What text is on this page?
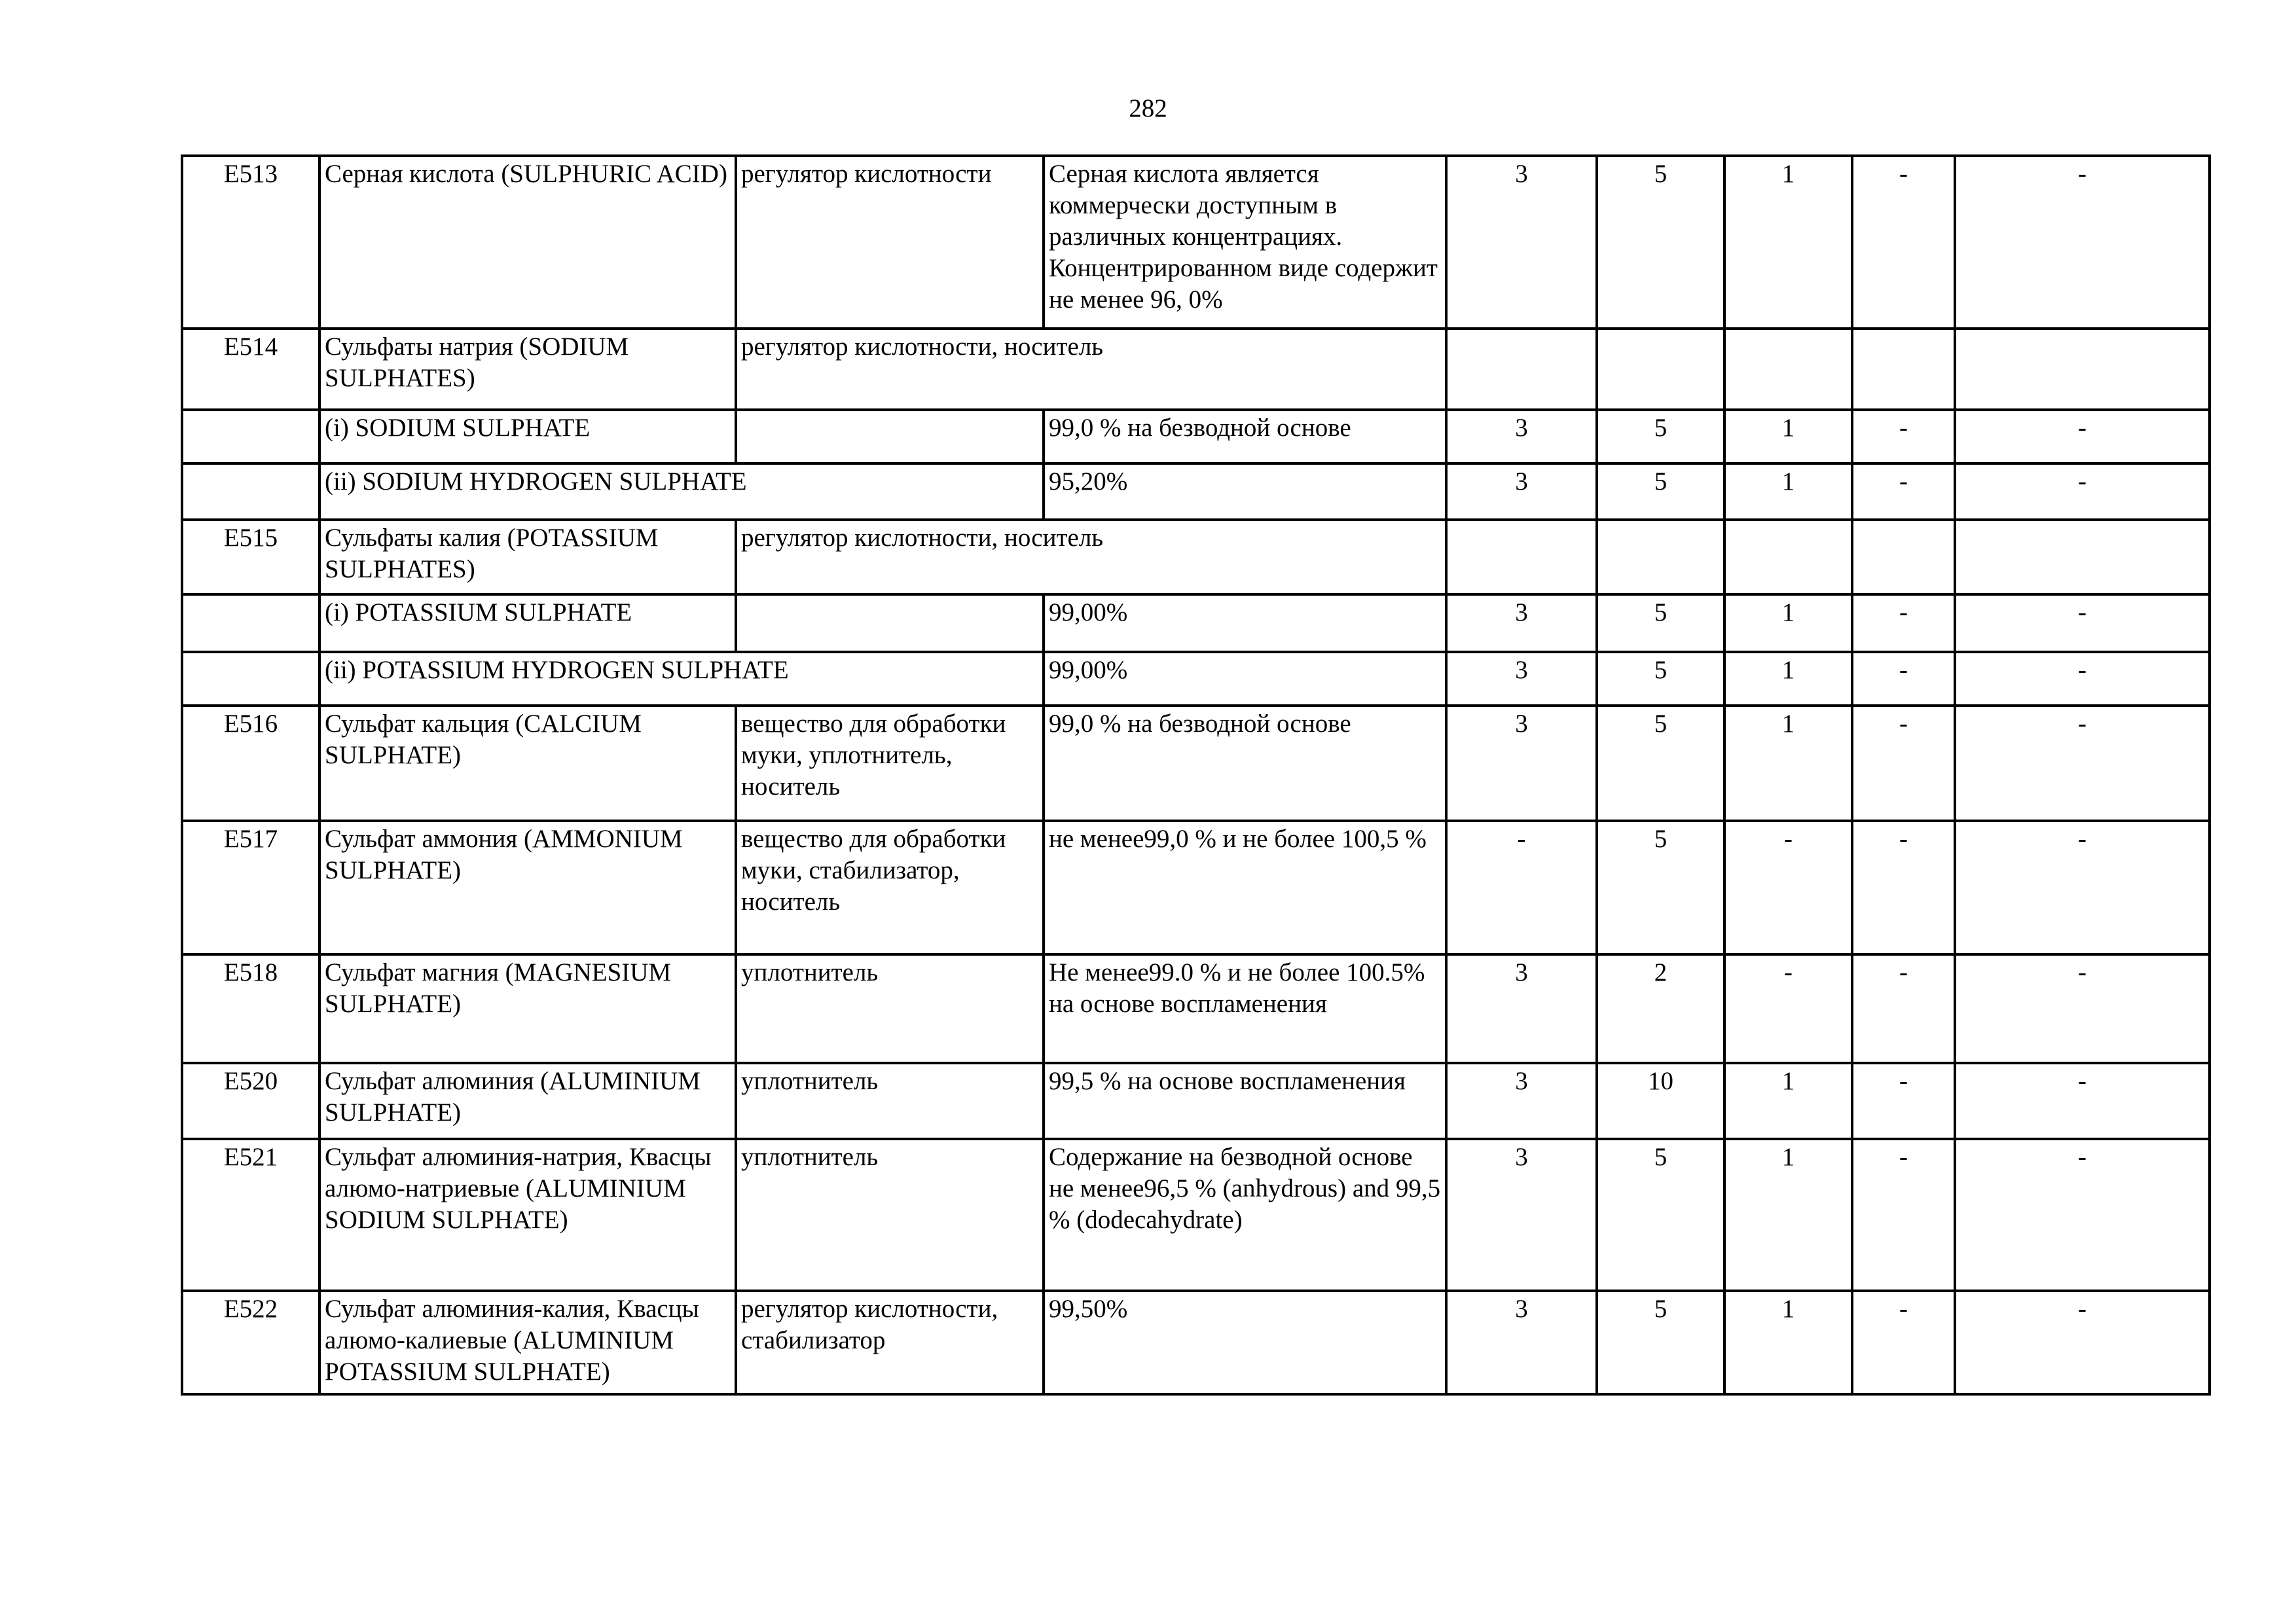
282
E513	Серная кислота (SULPHURIC ACID)	регулятор кислотности	Серная кислота является коммерчески доступным в различных концентрациях. Концентрированном виде содержит не менее 96, 0%	3	5	1	-	-
E514	Сульфаты натрия (SODIUM SULPHATES)	регулятор кислотности, носитель						
	(i) SODIUM SULPHATE		99,0 % на безводной основе	3	5	1	-	-
	(ii) SODIUM HYDROGEN SULPHATE		95,20%	3	5	1	-	-
E515	Сульфаты калия (POTASSIUM SULPHATES)	регулятор кислотности, носитель						
	(i) POTASSIUM SULPHATE		99,00%	3	5	1	-	-
	(ii) POTASSIUM HYDROGEN SULPHATE		99,00%	3	5	1	-	-
E516	Сульфат кальция (CALCIUM SULPHATE)	вещество для обработки муки, уплотнитель, носитель	99,0 % на безводной основе	3	5	1	-	-
E517	Сульфат аммония (AMMONIUM SULPHATE)	вещество для обработки муки, стабилизатор, носитель	не менее99,0 % и не более 100,5 %	-	5	-	-	-
E518	Сульфат магния (MAGNESIUM SULPHATE)	уплотнитель	Не менее99.0 % и не более 100.5% на основе воспламенения	3	2	-	-	-
E520	Сульфат алюминия (ALUMINIUM SULPHATE)	уплотнитель	99,5 % на основе воспламенения	3	10	1	-	-
E521	Сульфат алюминия-натрия, Квасцы алюмо-натриевые (ALUMINIUM SODIUM SULPHATE)	уплотнитель	Содержание на безводной основе не менее96,5 % (anhydrous) and 99,5 % (dodecahydrate)	3	5	1	-	-
E522	Сульфат алюминия-калия, Квасцы алюмо-калиевые (ALUMINIUM POTASSIUM SULPHATE)	регулятор кислотности, стабилизатор	99,50%	3	5	1	-	-
